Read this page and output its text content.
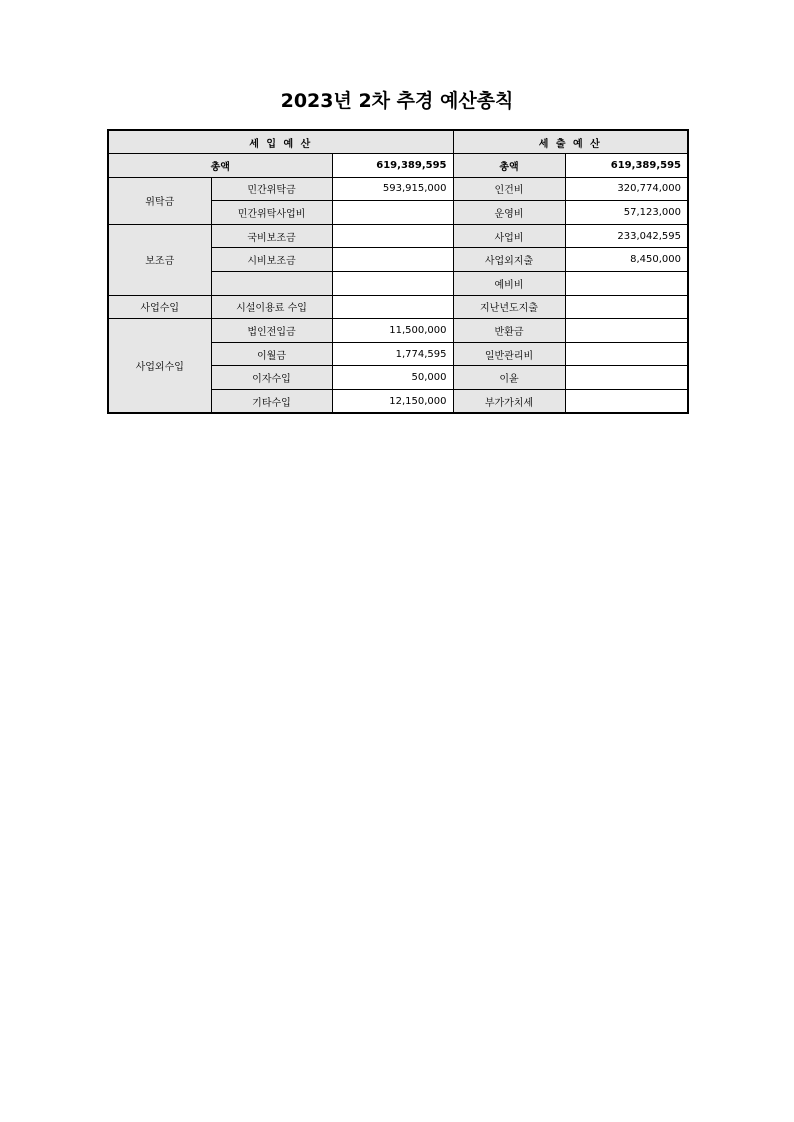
2023년 2차 추경 예산총칙
세 입 예 산			세 출 예 산	
총액		619,389,595	총액	619,389,595
위탁금	민간위탁금	593,915,000	인건비	320,774,000
	민간위탁사업비		운영비	57,123,000
보조금	국비보조금		사업비	233,042,595
	시비보조금		사업외지출	8,450,000
			예비비	
사업수입	시설이용료 수입		지난년도지출	
사업외수입	법인전입금	11,500,000	반환금	
	이월금	1,774,595	일반관리비	
	이자수입	50,000	이윤	
	기타수입	12,150,000	부가가치세	
